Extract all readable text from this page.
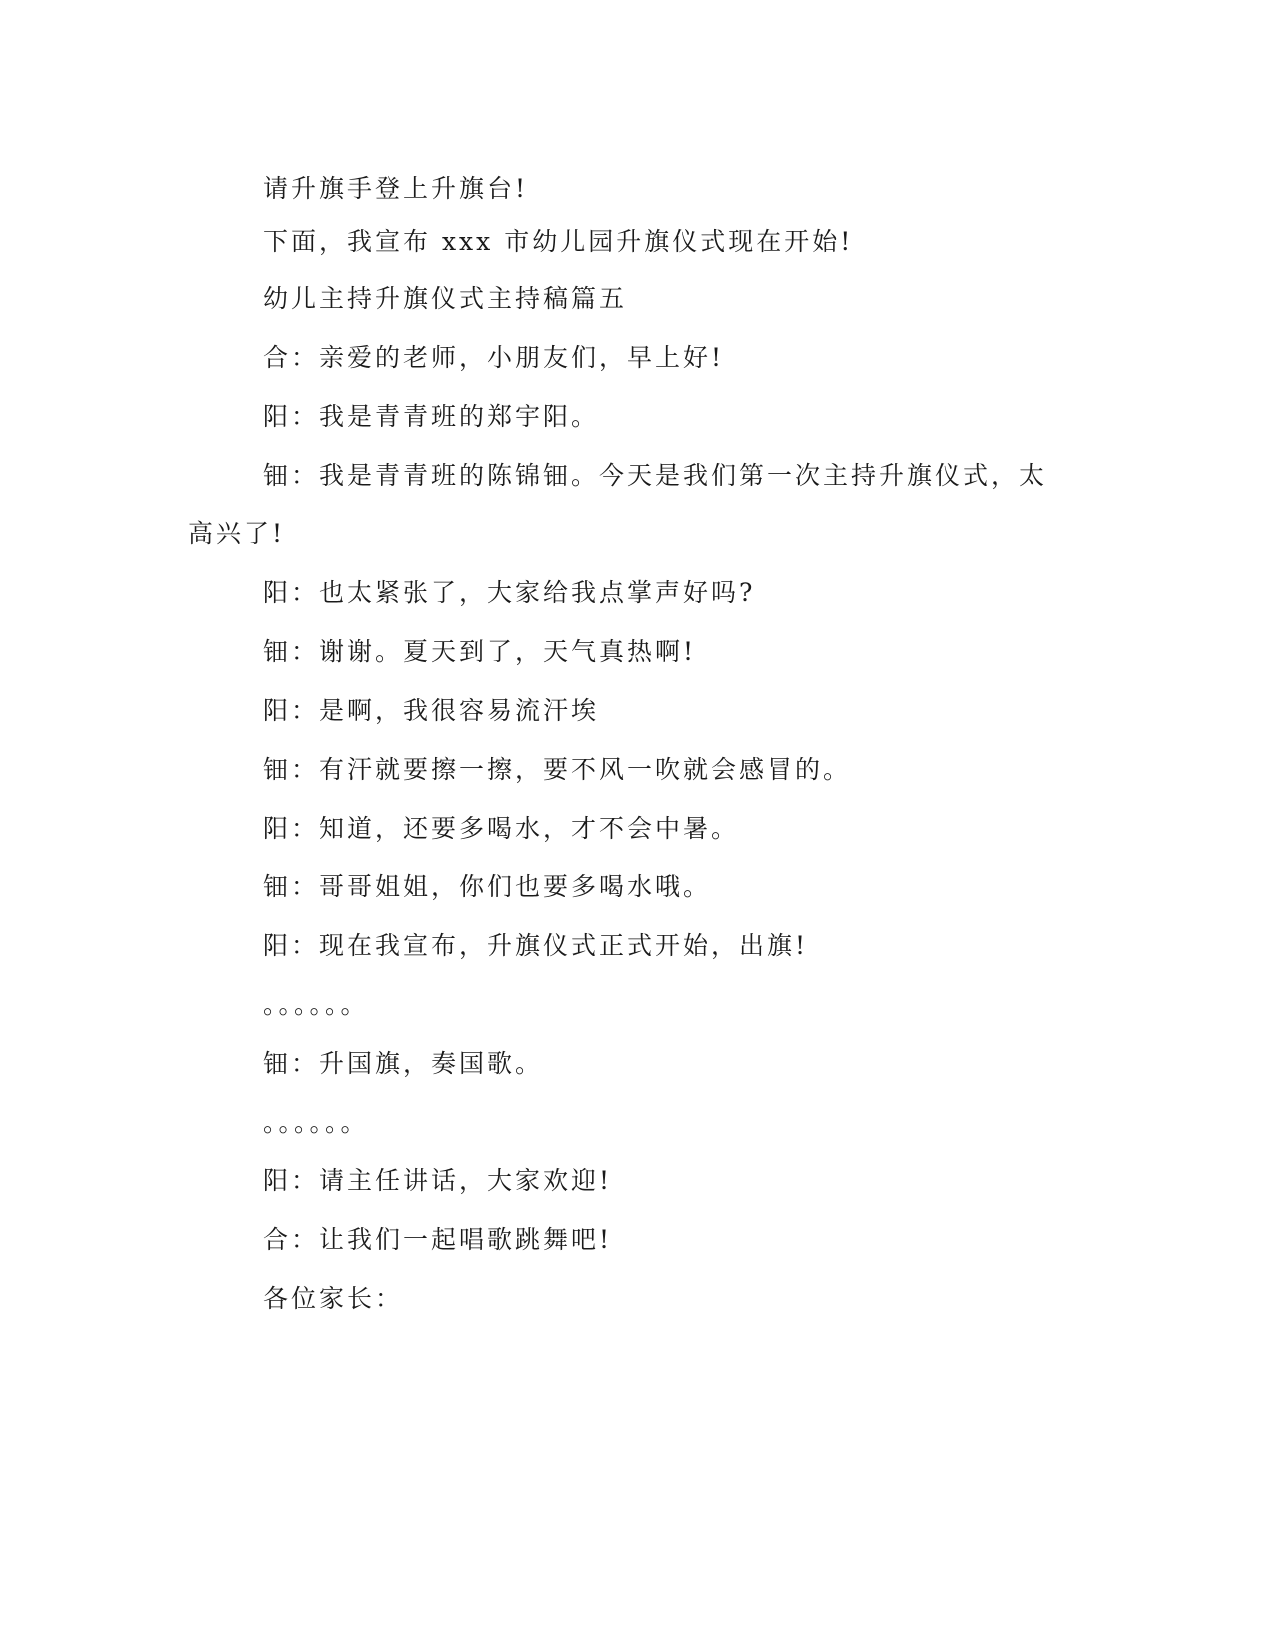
请升旗手登上升旗台!
下面，我宣布 xxx 市幼儿园升旗仪式现在开始!
幼儿主持升旗仪式主持稿篇五
合：亲爱的老师，小朋友们，早上好!
阳：我是青青班的郑宇阳。
钿：我是青青班的陈锦钿。今天是我们第一次主持升旗仪式，太
高兴了!
阳：也太紧张了，大家给我点掌声好吗?
钿：谢谢。夏天到了，天气真热啊!
阳：是啊，我很容易流汗埃
钿：有汗就要擦一擦，要不风一吹就会感冒的。
阳：知道，还要多喝水，才不会中暑。
钿：哥哥姐姐，你们也要多喝水哦。
阳：现在我宣布，升旗仪式正式开始，出旗!
。。。。。。
钿：升国旗，奏国歌。
。。。。。。
阳：请主任讲话，大家欢迎!
合：让我们一起唱歌跳舞吧!
各位家长：
